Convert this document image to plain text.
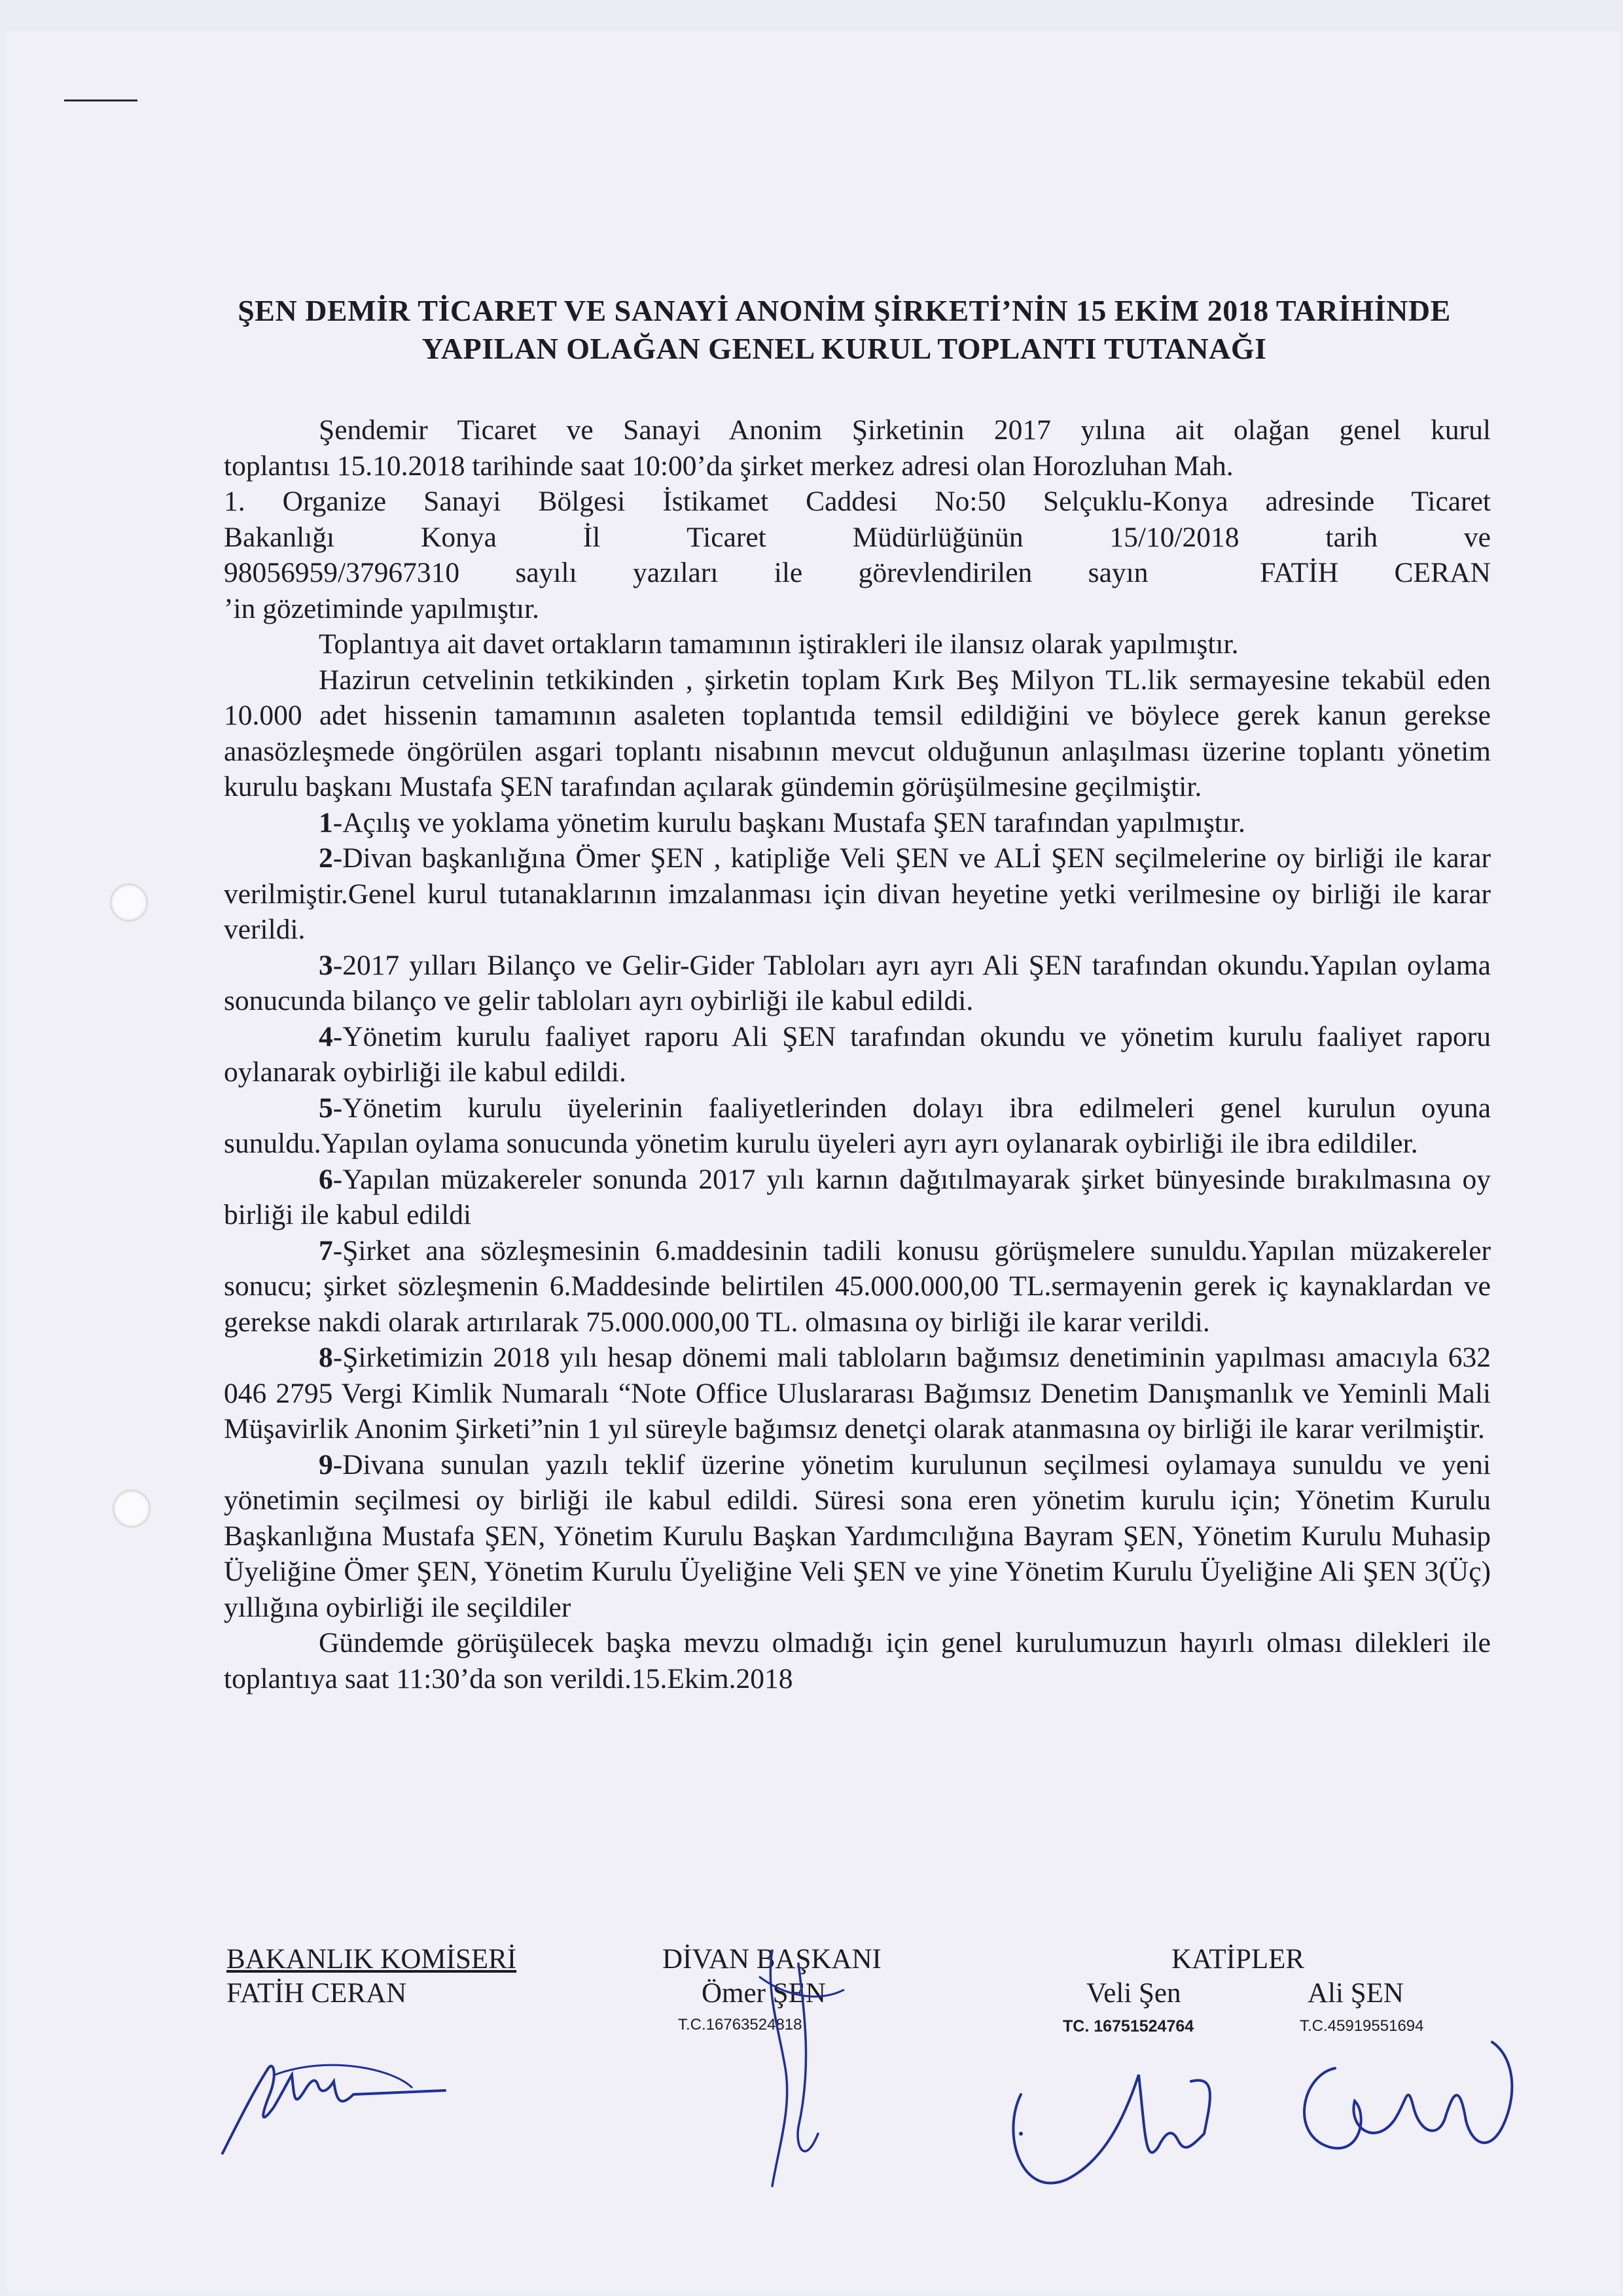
ŞEN DEMİR TİCARET VE SANAYİ ANONİM ŞİRKETİ’NİN 15 EKİM 2018 TARİHİNDE
YAPILAN OLAĞAN GENEL KURUL TOPLANTI TUTANAĞI

Şendemir Ticaret ve Sanayi Anonim Şirketinin 2017 yılına ait olağan genel kurul

toplantısı 15.10.2018 tarihinde saat 10:00’da şirket merkez adresi olan Horozluhan Mah.

1. Organize Sanayi Bölgesi İstikamet Caddesi No:50 Selçuklu-Konya adresinde Ticaret

Bakanlığı	Konya	İl	Ticaret	Müdürlüğünün	15/10/2018	tarih	ve

98056959/37967310 sayılı yazıları ile görevlendirilen sayın	FATİH CERAN

’in gözetiminde yapılmıştır.

Toplantıya ait davet ortakların tamamının iştirakleri ile ilansız olarak yapılmıştır.

Hazirun cetvelinin tetkikinden , şirketin toplam Kırk Beş Milyon TL.lik sermayesine tekabül eden 10.000 adet hissenin tamamının asaleten toplantıda temsil edildiğini ve böylece gerek kanun gerekse anasözleşmede öngörülen asgari toplantı nisabının mevcut olduğunun anlaşılması üzerine toplantı yönetim kurulu başkanı Mustafa ŞEN tarafından açılarak gündemin görüşülmesine geçilmiştir.

1-Açılış ve yoklama yönetim kurulu başkanı Mustafa ŞEN tarafından yapılmıştır.

2-Divan başkanlığına Ömer ŞEN , katipliğe Veli ŞEN ve ALİ ŞEN seçilmelerine oy birliği ile karar verilmiştir.Genel kurul tutanaklarının imzalanması için divan heyetine yetki verilmesine oy birliği ile karar verildi.

3-2017 yılları Bilanço ve Gelir-Gider Tabloları ayrı ayrı Ali ŞEN tarafından okundu.Yapılan oylama sonucunda bilanço ve gelir tabloları ayrı oybirliği ile kabul edildi.

4-Yönetim kurulu faaliyet raporu Ali ŞEN tarafından okundu ve yönetim kurulu faaliyet raporu oylanarak oybirliği ile kabul edildi.

5-Yönetim kurulu üyelerinin faaliyetlerinden dolayı ibra edilmeleri genel kurulun oyuna sunuldu.Yapılan oylama sonucunda yönetim kurulu üyeleri ayrı ayrı oylanarak oybirliği ile ibra edildiler.

6-Yapılan müzakereler sonunda 2017 yılı karnın dağıtılmayarak şirket bünyesinde bırakılmasına oy birliği ile kabul edildi

7-Şirket ana sözleşmesinin 6.maddesinin tadili konusu görüşmelere sunuldu.Yapılan müzakereler sonucu; şirket sözleşmenin 6.Maddesinde belirtilen 45.000.000,00 TL.sermayenin gerek iç kaynaklardan ve gerekse nakdi olarak artırılarak 75.000.000,00 TL. olmasına oy birliği ile karar verildi.

8-Şirketimizin 2018 yılı hesap dönemi mali tabloların bağımsız denetiminin yapılması amacıyla 632 046 2795 Vergi Kimlik Numaralı “Note Office Uluslararası Bağımsız Denetim Danışmanlık ve Yeminli Mali Müşavirlik Anonim Şirketi”nin 1 yıl süreyle bağımsız denetçi olarak atanmasına oy birliği ile karar verilmiştir.

9-Divana sunulan yazılı teklif üzerine yönetim kurulunun seçilmesi oylamaya sunuldu ve yeni yönetimin seçilmesi oy birliği ile kabul edildi. Süresi sona eren yönetim kurulu için; Yönetim Kurulu Başkanlığına Mustafa ŞEN, Yönetim Kurulu Başkan Yardımcılığına Bayram ŞEN, Yönetim Kurulu Muhasip Üyeliğine Ömer ŞEN, Yönetim Kurulu Üyeliğine Veli ŞEN ve yine Yönetim Kurulu Üyeliğine Ali ŞEN 3(Üç) yıllığına oybirliği ile seçildiler

Gündemde görüşülecek başka mevzu olmadığı için genel kurulumuzun hayırlı olması dilekleri ile toplantıya saat 11:30’da son verildi.15.Ekim.2018

BAKANLIK KOMİSERİ
FATİH CERAN
DİVAN BAŞKANI
Ömer ŞEN
T.C.16763524818
KATİPLER
Veli Şen	Ali ŞEN
TC. 16751524764	T.C.45919551694
